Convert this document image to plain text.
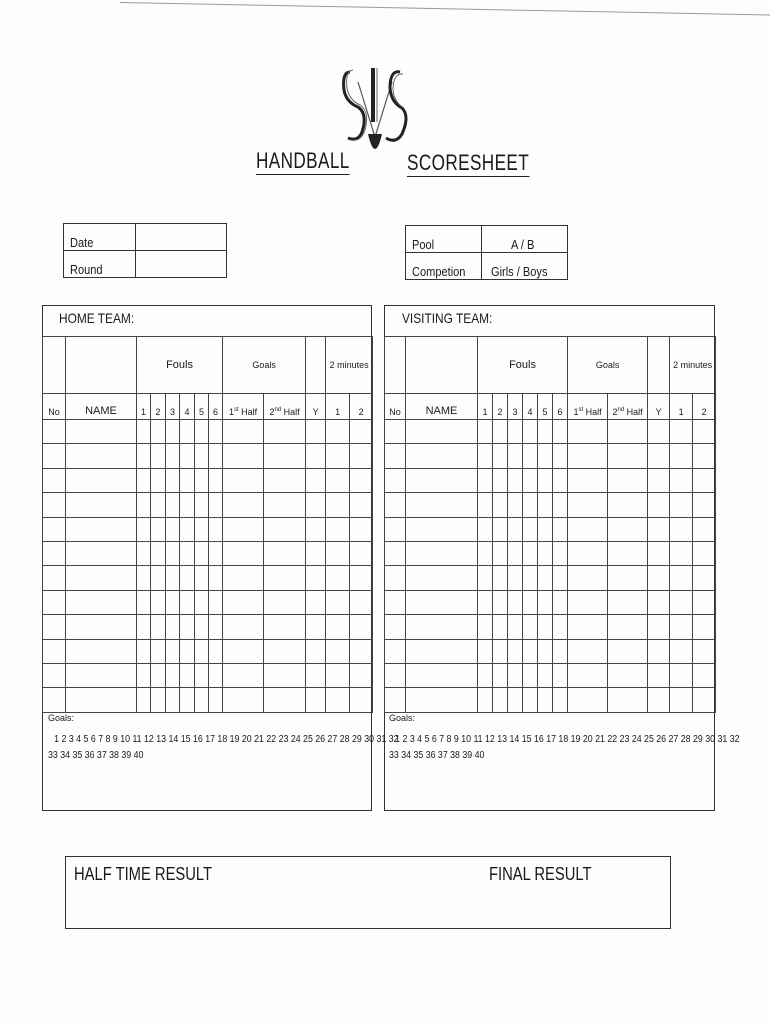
HANDBALL	SCORESHEET
Date	
Round	
Pool	A / B
Competion	Girls / Boys
HOME TEAM:	VISITING TEAM:
		Fouls						Goals			2 minutes	
No	NAME	1	2	3	4	5	6	1st Half	2nd Half	Y	1	2

		Fouls						Goals			2 minutes	
No	NAME	1	2	3	4	5	6	1st Half	2nd Half	Y	1	2

Goals:
1 2 3 4 5 6 7 8 9 10 11 12 13 14 15 16 17 18 19 20 21 22 23 24 25 26 27 28 29 30 31 32
33 34 35 36 37 38 39 40
Goals:
1 2 3 4 5 6 7 8 9 10 11 12 13 14 15 16 17 18 19 20 21 22 23 24 25 26 27 28 29 30 31 32
33 34 35 36 37 38 39 40
HALF TIME RESULT	FINAL RESULT
